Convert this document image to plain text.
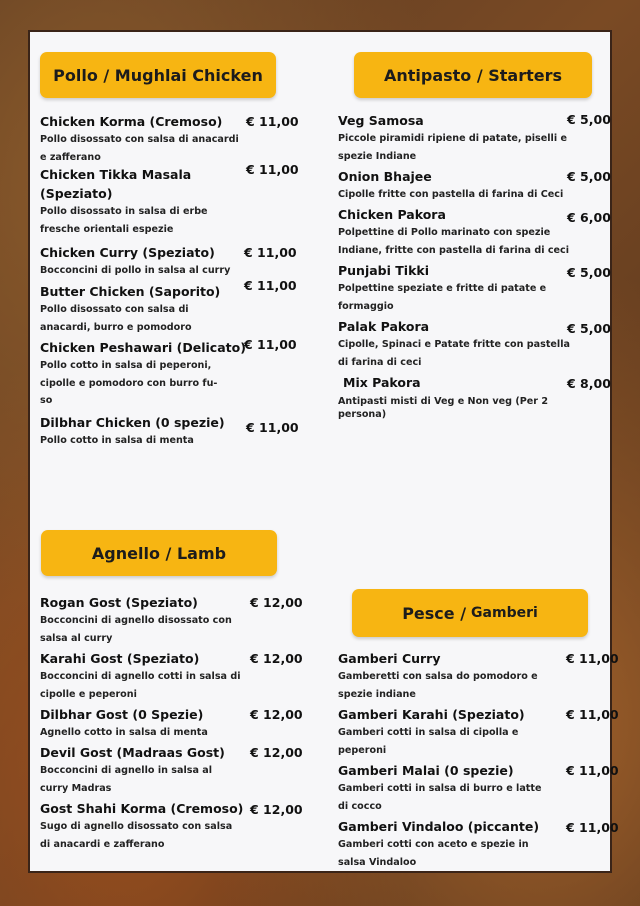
Pollo / Mughlai Chicken
Chicken Korma (Cremoso)
Pollo disossato con salsa di anacardi e zafferano
€ 11,00
Chicken Tikka Masala (Speziato)
Pollo disossato in salsa di erbe fresche orientali espezie
€ 11,00
Chicken Curry (Speziato)
Bocconcini di pollo in salsa al curry
€ 11,00
Butter Chicken (Saporito)
Pollo disossato con salsa di anacardi, burro e pomodoro
€ 11,00
Chicken Peshawari (Delicato)
Pollo cotto in salsa di peperoni, cipolle e pomodoro con burro fu- so
€ 11,00
Dilbhar Chicken (0 spezie)
Pollo cotto in salsa di menta
€ 11,00
Antipasto / Starters
Veg Samosa
Piccole piramidi ripiene di patate, piselli e spezie Indiane
€ 5,00
Onion Bhajee
Cipolle fritte con pastella di farina di Ceci
€ 5,00
Chicken Pakora
Polpettine di Pollo marinato con spezie Indiane, fritte con pastella di farina di ceci
€ 6,00
Punjabi Tikki
Polpettine speziate e fritte di patate e formaggio
€ 5,00
Palak Pakora
Cipolle, Spinaci e Patate fritte con pastella di farina di ceci
€ 5,00
Mix Pakora
Antipasti misti di Veg e Non veg (Per 2 persona)
€ 8,00
Agnello / Lamb
Rogan Gost (Speziato)
Bocconcini di agnello disossato con salsa al curry
€ 12,00
Karahi Gost (Speziato)
Bocconcini di agnello cotti in salsa di cipolle e peperoni
€ 12,00
Dilbhar Gost (0 Spezie)
Agnello cotto in salsa di menta
€ 12,00
Devil Gost (Madraas Gost)
Bocconcini di agnello in salsa al curry Madras
€ 12,00
Gost Shahi Korma (Cremoso)
Sugo di agnello disossato con salsa di anacardi e zafferano
€ 12,00
Pesce / Gamberi
Gamberi Curry
Gamberetti con salsa do pomodoro e spezie indiane
€ 11,00
Gamberi Karahi (Speziato)
Gamberi cotti in salsa di cipolla e peperoni
€ 11,00
Gamberi Malai (0 spezie)
Gamberi cotti in salsa di burro e latte di cocco
€ 11,00
Gamberi Vindaloo (piccante)
Gamberi cotti con aceto e spezie in salsa Vindaloo
€ 11,00
